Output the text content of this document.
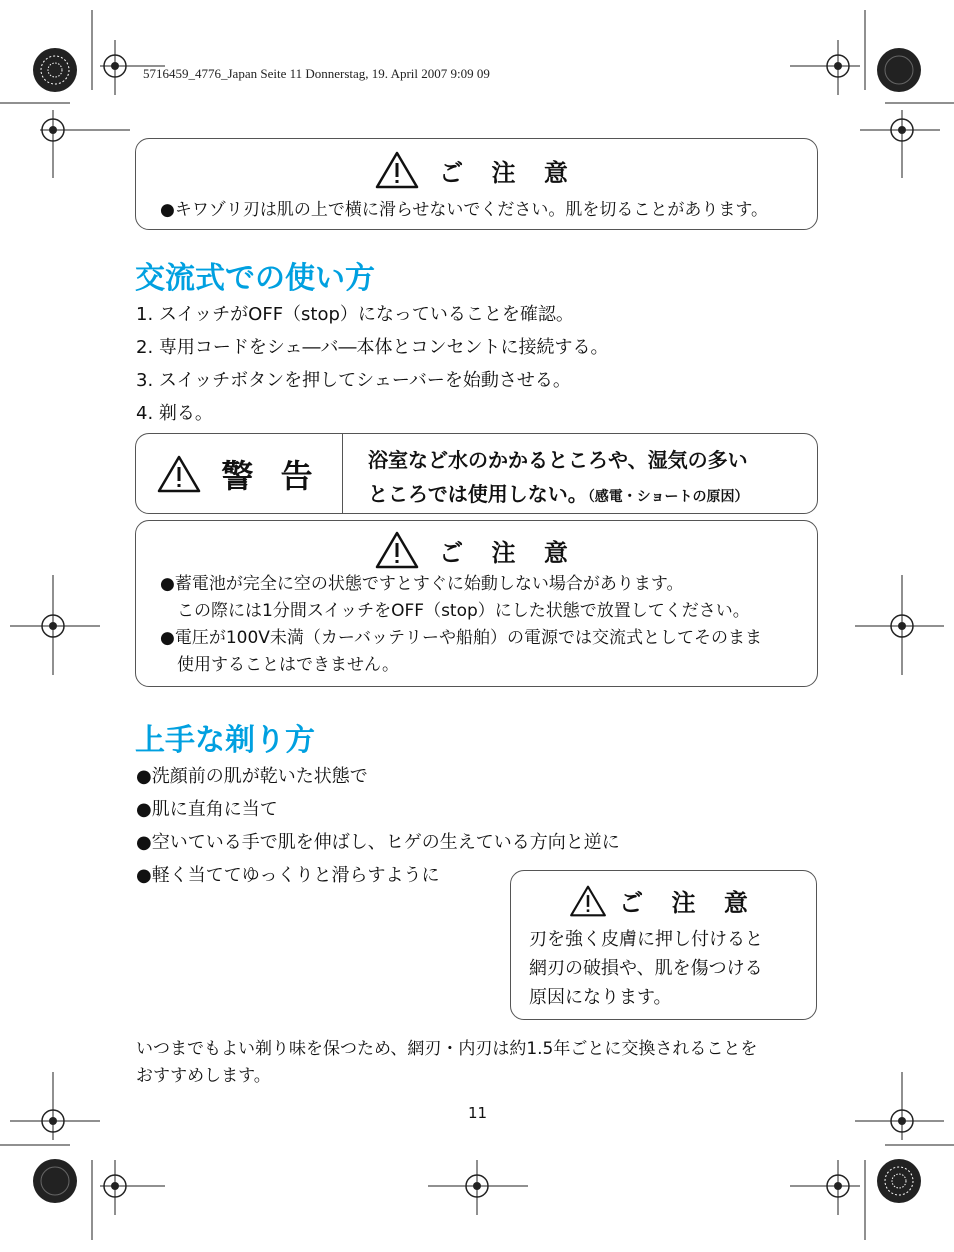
5716459_4776_Japan Seite 11 Donnerstag, 19. April 2007 9:09 09
ご 注 意
●キワゾリ刃は肌の上で横に滑らせないでください。肌を切ることがあります。
交流式での使い方
1. スイッチがOFF（stop）になっていることを確認。
2. 専用コードをシェ―バ―本体とコンセントに接続する。
3. スイッチボタンを押してシェーバーを始動させる。
4. 剃る。
警 告 浴室など水のかかるところや、湿気の多い
ところでは使用しない。（感電・ショートの原因）
ご 注 意
●蓄電池が完全に空の状態ですとすぐに始動しない場合があります。
　この際には1分間スイッチをOFF（stop）にした状態で放置してください。
●電圧が100V未満（カーバッテリーや船舶）の電源では交流式としてそのまま
　使用することはできません。
上手な剃り方
●洗顔前の肌が乾いた状態で
●肌に直角に当て
●空いている手で肌を伸ばし、ヒゲの生えている方向と逆に
●軽く当ててゆっくりと滑らすように
ご 注 意
刃を強く皮膚に押し付けると
網刃の破損や、肌を傷つける
原因になります。
いつまでもよい剃り味を保つため、網刃・内刃は約1.5年ごとに交換されることを
おすすめします。
11
